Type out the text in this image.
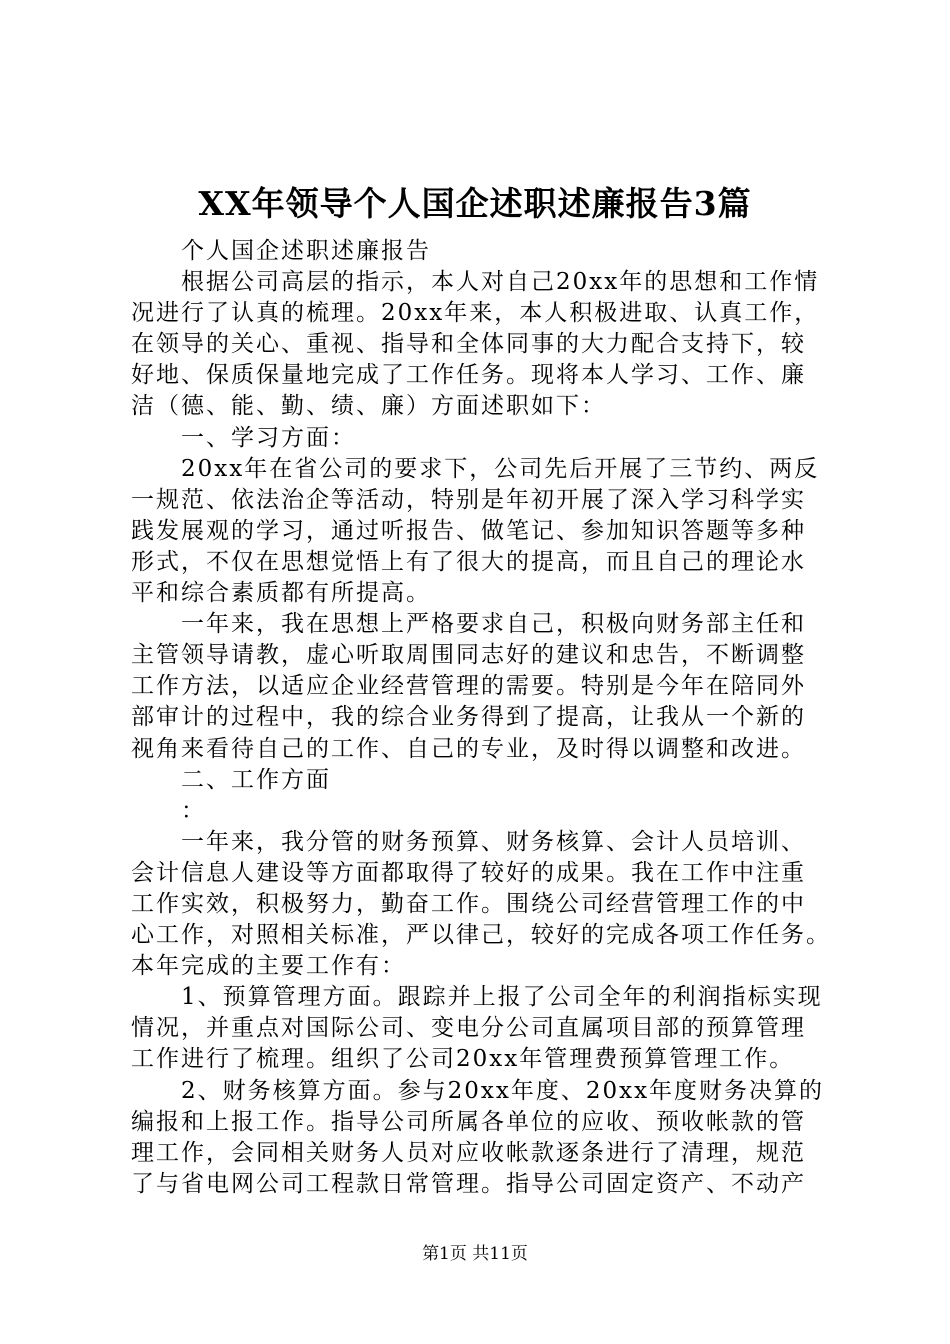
XX年领导个人国企述职述廉报告3篇
个人国企述职述廉报告
根据公司高层的指示，本人对自己20xx年的思想和工作情
况进行了认真的梳理。20xx年来，本人积极进取、认真工作，
在领导的关心、重视、指导和全体同事的大力配合支持下，较
好地、保质保量地完成了工作任务。现将本人学习、工作、廉
洁（德、能、勤、绩、廉）方面述职如下：
一、学习方面：
20xx年在省公司的要求下，公司先后开展了三节约、两反
一规范、依法治企等活动，特别是年初开展了深入学习科学实
践发展观的学习，通过听报告、做笔记、参加知识答题等多种
形式，不仅在思想觉悟上有了很大的提高，而且自己的理论水
平和综合素质都有所提高。
一年来，我在思想上严格要求自己，积极向财务部主任和
主管领导请教，虚心听取周围同志好的建议和忠告，不断调整
工作方法，以适应企业经营管理的需要。特别是今年在陪同外
部审计的过程中，我的综合业务得到了提高，让我从一个新的
视角来看待自己的工作、自己的专业，及时得以调整和改进。
二、工作方面
：
一年来，我分管的财务预算、财务核算、会计人员培训、
会计信息人建设等方面都取得了较好的成果。我在工作中注重
工作实效，积极努力，勤奋工作。围绕公司经营管理工作的中
心工作，对照相关标准，严以律己，较好的完成各项工作任务。
本年完成的主要工作有：
1、预算管理方面。跟踪并上报了公司全年的利润指标实现
情况，并重点对国际公司、变电分公司直属项目部的预算管理
工作进行了梳理。组织了公司20xx年管理费预算管理工作。
2、财务核算方面。参与20xx年度、20xx年度财务决算的
编报和上报工作。指导公司所属各单位的应收、预收帐款的管
理工作，会同相关财务人员对应收帐款逐条进行了清理，规范
了与省电网公司工程款日常管理。指导公司固定资产、不动产
第1页 共11页
